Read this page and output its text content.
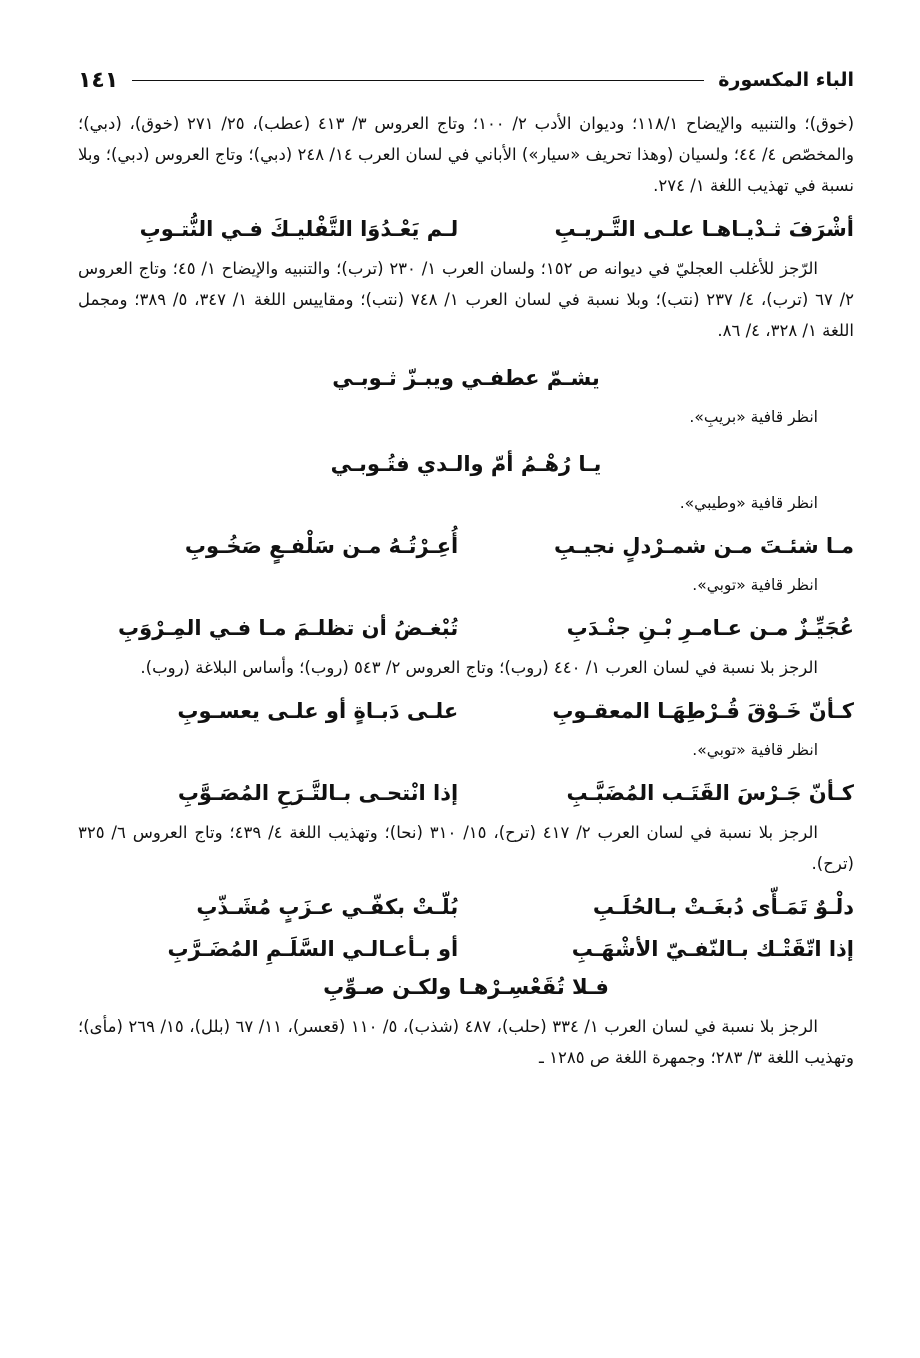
الباء المكسورة
١٤١

(خوق)؛ والتنبيه والإيضاح ١١٨/١؛ وديوان الأدب ٢/ ١٠٠؛ وتاج العروس ٣/ ٤١٣ (عطب)، ٢٥/ ٢٧١ (خوق)، (دبي)؛ والمخصّص ٤/ ٤٤؛ ولسيان (وهذا تحريف «سيار») الأباني في لسان العرب ١٤/ ٢٤٨ (دبي)؛ وتاج العروس (دبي)؛ وبلا نسبة في تهذيب اللغة ١/ ٢٧٤.

أشْرَفَ ثـدْيـاهـا علـى التَّـريـبِ
لـم يَعْـدُوَا التَّفْليـكَ فـي النُّتـوبِ

الرّجز للأغلب العجليّ في ديوانه ص ١٥٢؛ ولسان العرب ١/ ٢٣٠ (ترب)؛ والتنبيه والإيضاح ١/ ٤٥؛ وتاج العروس ٢/ ٦٧ (ترب)، ٤/ ٢٣٧ (نتب)؛ وبلا نسبة في لسان العرب ١/ ٧٤٨ (نتب)؛ ومقاييس اللغة ١/ ٣٤٧، ٥/ ٣٨٩؛ ومجمل اللغة ١/ ٣٢٨، ٤/ ٨٦.

يشـمّ عطفـي ويبـزّ ثـوبـي
انظر قافية «بريبِ».
يـا رُهْـمُ أمّ والـدي فتُـوبـي
انظر قافية «وطيبي».
مـا شئـتَ مـن شمـرْدلٍ نجيـبِ
أُعِـرْتُـهُ مـن سَلْفـعٍ صَخُـوبِ
انظر قافية «توبي».
عُجَيِّـزٌ مـن عـامـرِ بْـنِ جنْـدَبِ
تُبْغـضُ أن تظلـمَ مـا فـي المِـرْوَبِ

الرجز بلا نسبة في لسان العرب ١/ ٤٤٠ (روب)؛ وتاج العروس ٢/ ٥٤٣ (روب)؛ وأساس البلاغة (روب).

كـأنّ خَـوْقَ قُـرْطِهَـا المعقـوبِ
علـى دَبـاةٍ أو علـى يعسـوبِ
انظر قافية «توبي».
كـأنّ جَـرْسَ القَتَـب المُضَبَّـبِ
إذا انْتحـى بـالتَّـرَحِ المُصَـوَّبِ

الرجز بلا نسبة في لسان العرب ٢/ ٤١٧ (ترح)، ١٥/ ٣١٠ (نحا)؛ وتهذيب اللغة ٤/ ٤٣٩؛ وتاج العروس ٦/ ٣٢٥ (ترح).

دلْـوٌ تَمَـأّى دُبغَـتْ بـالحُلَـبِ
بُلّـتْ بكفّـي عـزَبٍ مُشَـذّبِ
إذا اتّقَتْـك بـالنّفـيّ الأشْهَـبِ
أو بـأعـالـي السَّلَـمِ المُضَـرَّبِ
فـلا تُقَعْسِـرْهـا ولكـن صـوِّبِ

الرجز بلا نسبة في لسان العرب ١/ ٣٣٤ (حلب)، ٤٨٧ (شذب)، ٥/ ١١٠ (قعسر)، ١١/ ٦٧ (بلل)، ١٥/ ٢٦٩ (مأى)؛ وتهذيب اللغة ٣/ ٢٨٣؛ وجمهرة اللغة ص ١٢٨٥ ـ
